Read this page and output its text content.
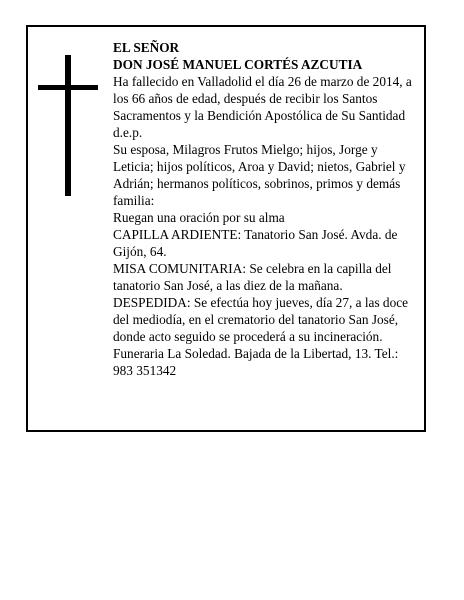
EL SEÑOR

DON JOSÉ MANUEL CORTÉS AZCUTIA

Ha fallecido en Valladolid el día 26 de marzo de 2014, a los 66 años de edad, después de recibir los Santos Sacramentos y la Bendición Apostólica de Su Santidad d.e.p.

Su esposa, Milagros Frutos Mielgo; hijos, Jorge y Leticia; hijos políticos, Aroa y David; nietos, Gabriel y Adrián; hermanos políticos, sobrinos, primos y demás familia:

Ruegan una oración por su alma

CAPILLA ARDIENTE: Tanatorio San José. Avda. de Gijón, 64.

MISA COMUNITARIA: Se celebra en la capilla del tanatorio San José, a las diez de la mañana.

DESPEDIDA: Se efectúa hoy jueves, día 27, a las doce del mediodía, en el crematorio del tanatorio San José, donde acto seguido se procederá a su incineración.

Funeraria La Soledad. Bajada de la Libertad, 13. Tel.: 983 351342
